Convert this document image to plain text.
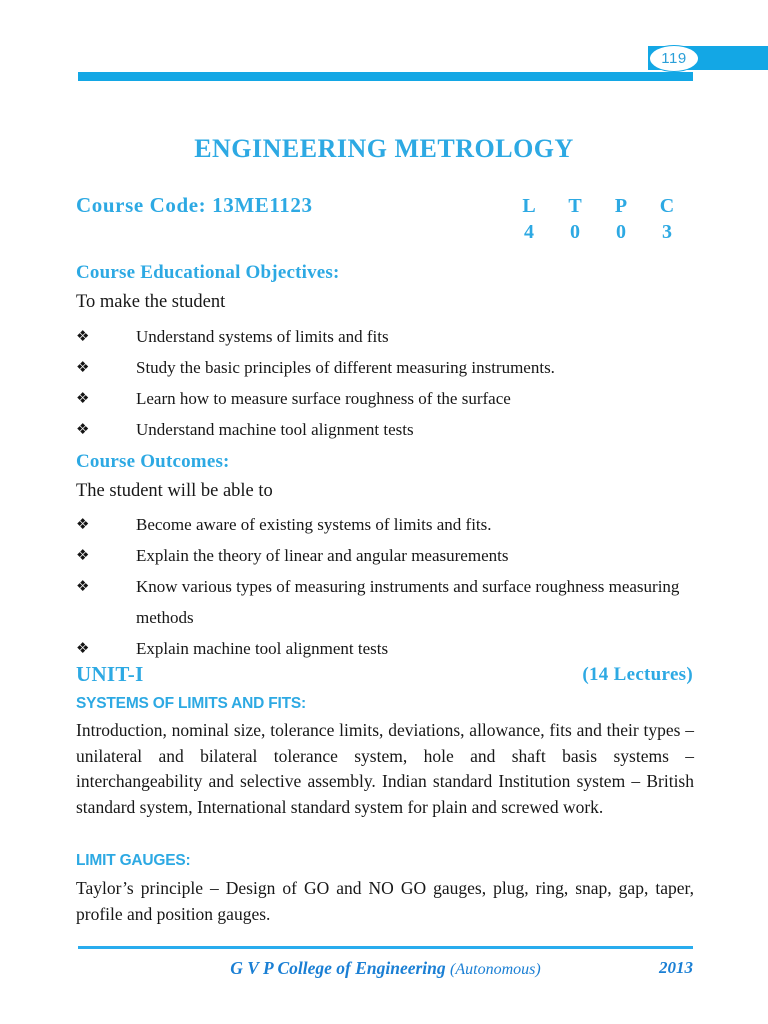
119
ENGINEERING METROLOGY
Course Code: 13ME1123	L	T	P	C
4	0	0	3
Course Educational Objectives:
To make the student
❖	Understand systems of limits and fits
❖	Study the basic principles of different measuring instruments.
❖	Learn how to measure surface roughness of the surface
❖	Understand machine tool alignment tests
Course Outcomes:
The student will be able to
❖	Become aware of existing systems of limits and fits.
❖	Explain the theory of linear and angular measurements
❖	Know various types of measuring instruments and surface roughness measuring methods
❖	Explain machine tool alignment tests
UNIT-I	(14 Lectures)
SYSTEMS OF LIMITS AND FITS:
Introduction, nominal size, tolerance limits, deviations, allowance, fits and their types – unilateral and bilateral tolerance system, hole and shaft basis systems – interchangeability and selective assembly. Indian standard Institution system – British standard system, International standard system for plain and screwed work.
LIMIT GAUGES:
Taylor’s principle – Design of GO and NO GO gauges, plug, ring, snap, gap, taper, profile and position gauges.
G V P College of Engineering (Autonomous)	2013
